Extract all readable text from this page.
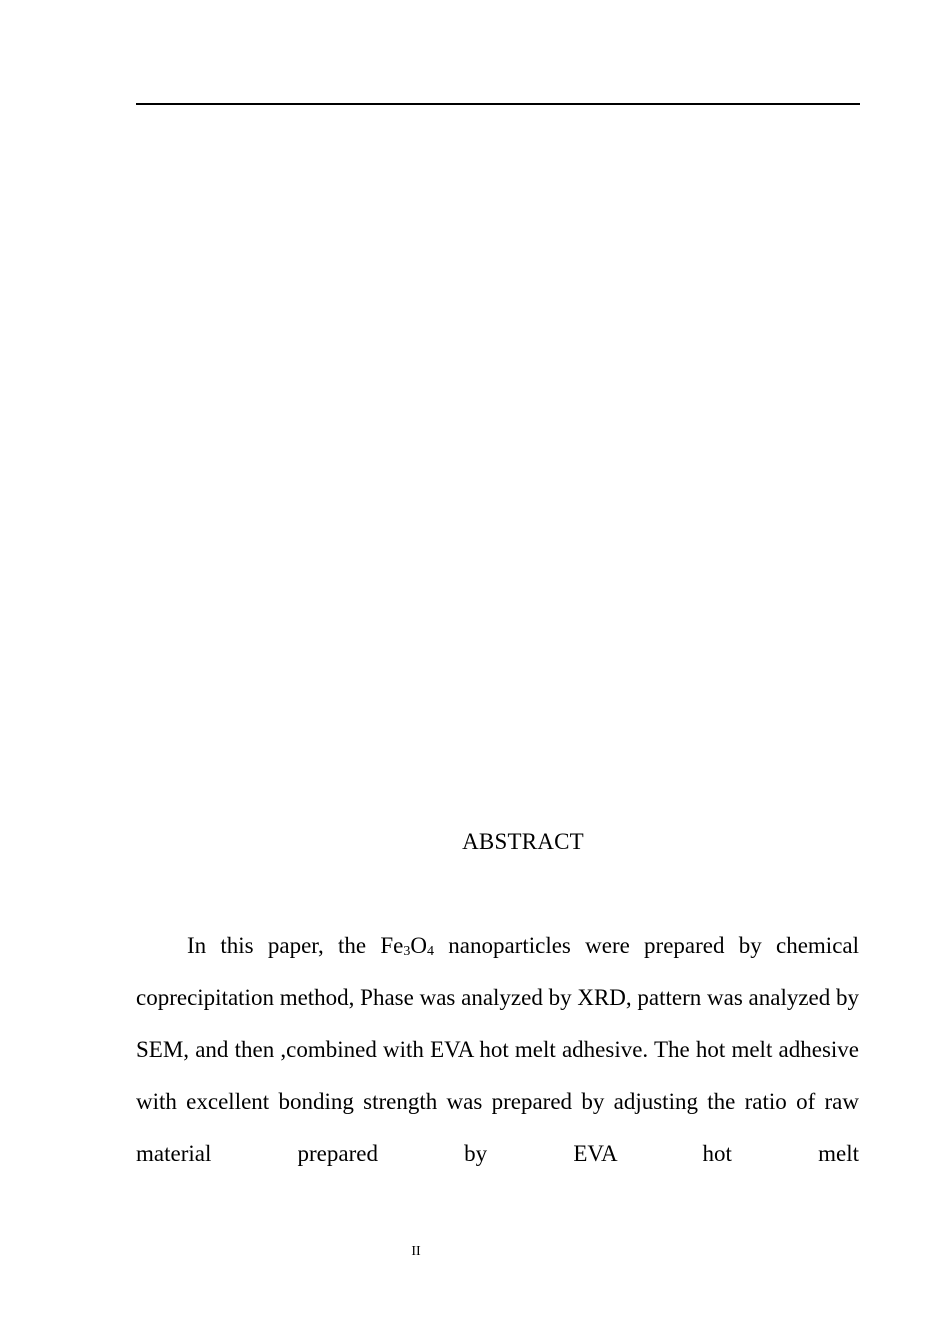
ABSTRACT

In this paper, the $Fe_3O_4$ nanoparticles were prepared by chemical coprecipitation method, Phase was analyzed by XRD, pattern was analyzed by SEM, and then ,combined with EVA hot melt adhesive. The hot melt adhesive with excellent bonding strength was prepared by adjusting the ratio of raw material prepared by EVA hot melt

II
